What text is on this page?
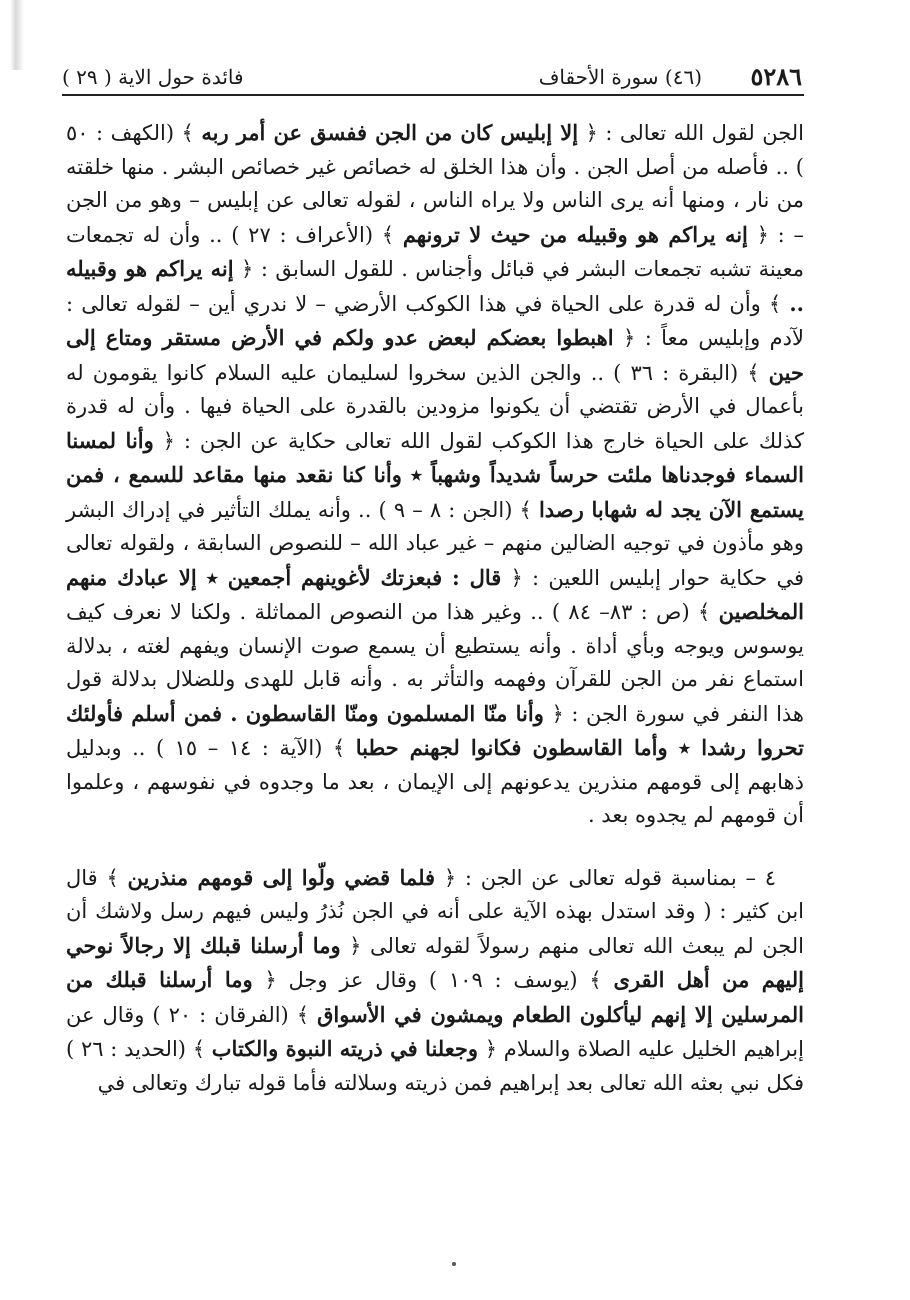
٥٢٨٦
(٤٦) سورة الأحقاف
فائدة حول الاية ( ٢٩ )

الجن لقول الله تعالى : ﴿ إلا إبليس كان من الجن ففسق عن أمر ربه ﴾ (الكهف : ٥٠ ) .. فأصله من أصل الجن . وأن هذا الخلق له خصائص غير خصائص البشر . منها خلقته من نار ، ومنها أنه يرى الناس ولا يراه الناس ، لقوله تعالى عن إبليس – وهو من الجن – : ﴿ إنه يراكم هو وقبيله من حيث لا ترونهم ﴾ (الأعراف : ٢٧ ) .. وأن له تجمعات معينة تشبه تجمعات البشر في قبائل وأجناس . للقول السابق : ﴿ إنه يراكم هو وقبيله .. ﴾ وأن له قدرة على الحياة في هذا الكوكب الأرضي – لا ندري أين – لقوله تعالى : لآدم وإبليس معاً : ﴿ اهبطوا بعضكم لبعض عدو ولكم في الأرض مستقر ومتاع إلى حين ﴾ (البقرة : ٣٦ ) .. والجن الذين سخروا لسليمان عليه السلام كانوا يقومون له بأعمال في الأرض تقتضي أن يكونوا مزودين بالقدرة على الحياة فيها . وأن له قدرة كذلك على الحياة خارج هذا الكوكب لقول الله تعالى حكاية عن الجن : ﴿ وأنا لمسنا السماء فوجدناها ملئت حرساً شديداً وشهباً ٭ وأنا كنا نقعد منها مقاعد للسمع ، فمن يستمع الآن يجد له شهابا رصدا ﴾ (الجن : ٨ – ٩ ) .. وأنه يملك التأثير في إدراك البشر وهو مأذون في توجيه الضالين منهم – غير عباد الله – للنصوص السابقة ، ولقوله تعالى في حكاية حوار إبليس اللعين : ﴿ قال : فبعزتك لأغوينهم أجمعين ٭ إلا عبادك منهم المخلصين ﴾ (ص : ٨٣– ٨٤ ) .. وغير هذا من النصوص المماثلة . ولكنا لا نعرف كيف يوسوس ويوجه وبأي أداة . وأنه يستطيع أن يسمع صوت الإنسان ويفهم لغته ، بدلالة استماع نفر من الجن للقرآن وفهمه والتأثر به . وأنه قابل للهدى وللضلال بدلالة قول هذا النفر في سورة الجن : ﴿ وأنا منّا المسلمون ومنّا القاسطون . فمن أسلم فأولئك تحروا رشدا ٭ وأما القاسطون فكانوا لجهنم حطبا ﴾ (الآية : ١٤ – ١٥ ) .. وبدليل ذهابهم إلى قومهم منذرين يدعونهم إلى الإيمان ، بعد ما وجدوه في نفوسهم ، وعلموا أن قومهم لم يجدوه بعد .

٤ – بمناسبة قوله تعالى عن الجن : ﴿ فلما قضي ولّوا إلى قومهم منذرين ﴾ قال ابن كثير : ( وقد استدل بهذه الآية على أنه في الجن نُذرُ وليس فيهم رسل ولاشك أن الجن لم يبعث الله تعالى منهم رسولاً لقوله تعالى ﴿ وما أرسلنا قبلك إلا رجالاً نوحي إليهم من أهل القرى ﴾ (يوسف : ١٠٩ ) وقال عز وجل ﴿ وما أرسلنا قبلك من المرسلين إلا إنهم ليأكلون الطعام ويمشون في الأسواق ﴾ (الفرقان : ٢٠ ) وقال عن إبراهيم الخليل عليه الصلاة والسلام ﴿ وجعلنا في ذريته النبوة والكتاب ﴾ (الحديد : ٢٦ ) فكل نبي بعثه الله تعالى بعد إبراهيم فمن ذريته وسلالته فأما قوله تبارك وتعالى في
